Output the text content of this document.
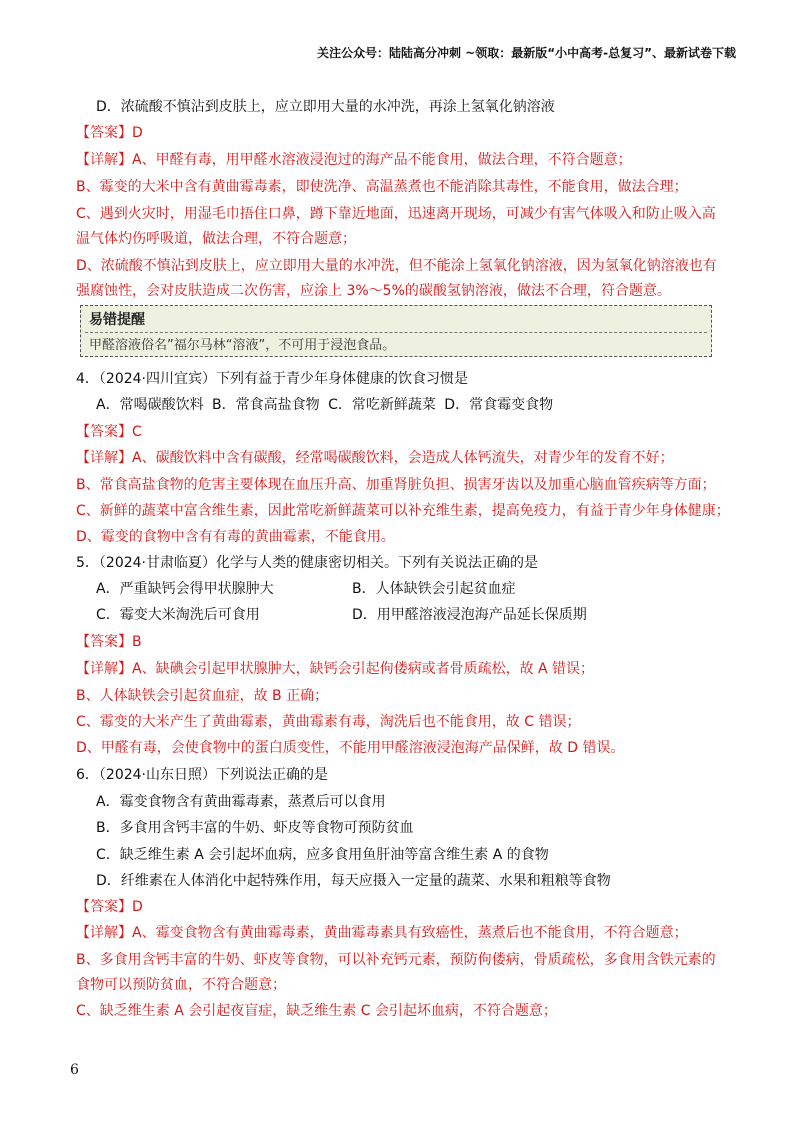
关注公众号：陆陆高分冲刺 ~领取：最新版“小中高考-总复习”、最新试卷下载
D．浓硫酸不慎沾到皮肤上，应立即用大量的水冲洗，再涂上氢氧化钠溶液
【答案】D
【详解】A、甲醛有毒，用甲醛水溶液浸泡过的海产品不能食用，做法合理，不符合题意；
B、霉变的大米中含有黄曲霉毒素，即使洗净、高温蒸煮也不能消除其毒性，不能食用，做法合理；
C、遇到火灾时，用湿毛巾捂住口鼻，蹲下靠近地面，迅速离开现场，可减少有害气体吸入和防止吸入高
温气体灼伤呼吸道，做法合理，不符合题意；
D、浓硫酸不慎沾到皮肤上，应立即用大量的水冲洗，但不能涂上氢氧化钠溶液，因为氢氧化钠溶液也有
强腐蚀性，会对皮肤造成二次伤害，应涂上 3%～5%的碳酸氢钠溶液，做法不合理，符合题意。
易错提醒
甲醛溶液俗名”福尔马林“溶液”，不可用于浸泡食品。
4．（2024·四川宜宾）下列有益于青少年身体健康的饮食习惯是
A．常喝碳酸饮料 B．常食高盐食物 C．常吃新鲜蔬菜 D．常食霉变食物
【答案】C
【详解】A、碳酸饮料中含有碳酸，经常喝碳酸饮料，会造成人体钙流失，对青少年的发育不好；
B、常食高盐食物的危害主要体现在血压升高、加重肾脏负担、损害牙齿以及加重心脑血管疾病等方面；
C、新鲜的蔬菜中富含维生素，因此常吃新鲜蔬菜可以补充维生素，提高免疫力，有益于青少年身体健康；
D、霉变的食物中含有有毒的黄曲霉素，不能食用。
5．（2024·甘肃临夏）化学与人类的健康密切相关。下列有关说法正确的是
A．严重缺钙会得甲状腺肿大	B．人体缺铁会引起贫血症
C．霉变大米淘洗后可食用	D．用甲醛溶液浸泡海产品延长保质期
【答案】B
【详解】A、缺碘会引起甲状腺肿大，缺钙会引起佝偻病或者骨质疏松，故 A 错误；
B、人体缺铁会引起贫血症，故 B 正确；
C、霉变的大米产生了黄曲霉素，黄曲霉素有毒，淘洗后也不能食用，故 C 错误；
D、甲醛有毒，会使食物中的蛋白质变性，不能用甲醛溶液浸泡海产品保鲜，故 D 错误。
6．（2024·山东日照）下列说法正确的是
A．霉变食物含有黄曲霉毒素，蒸煮后可以食用
B．多食用含钙丰富的牛奶、虾皮等食物可预防贫血
C．缺乏维生素 A 会引起坏血病，应多食用鱼肝油等富含维生素 A 的食物
D．纤维素在人体消化中起特殊作用，每天应摄入一定量的蔬菜、水果和粗粮等食物
【答案】D
【详解】A、霉变食物含有黄曲霉毒素，黄曲霉毒素具有致癌性，蒸煮后也不能食用，不符合题意；
B、多食用含钙丰富的牛奶、虾皮等食物，可以补充钙元素，预防佝偻病，骨质疏松，多食用含铁元素的
食物可以预防贫血，不符合题意；
C、缺乏维生素 A 会引起夜盲症，缺乏维生素 C 会引起坏血病，不符合题意；
6
